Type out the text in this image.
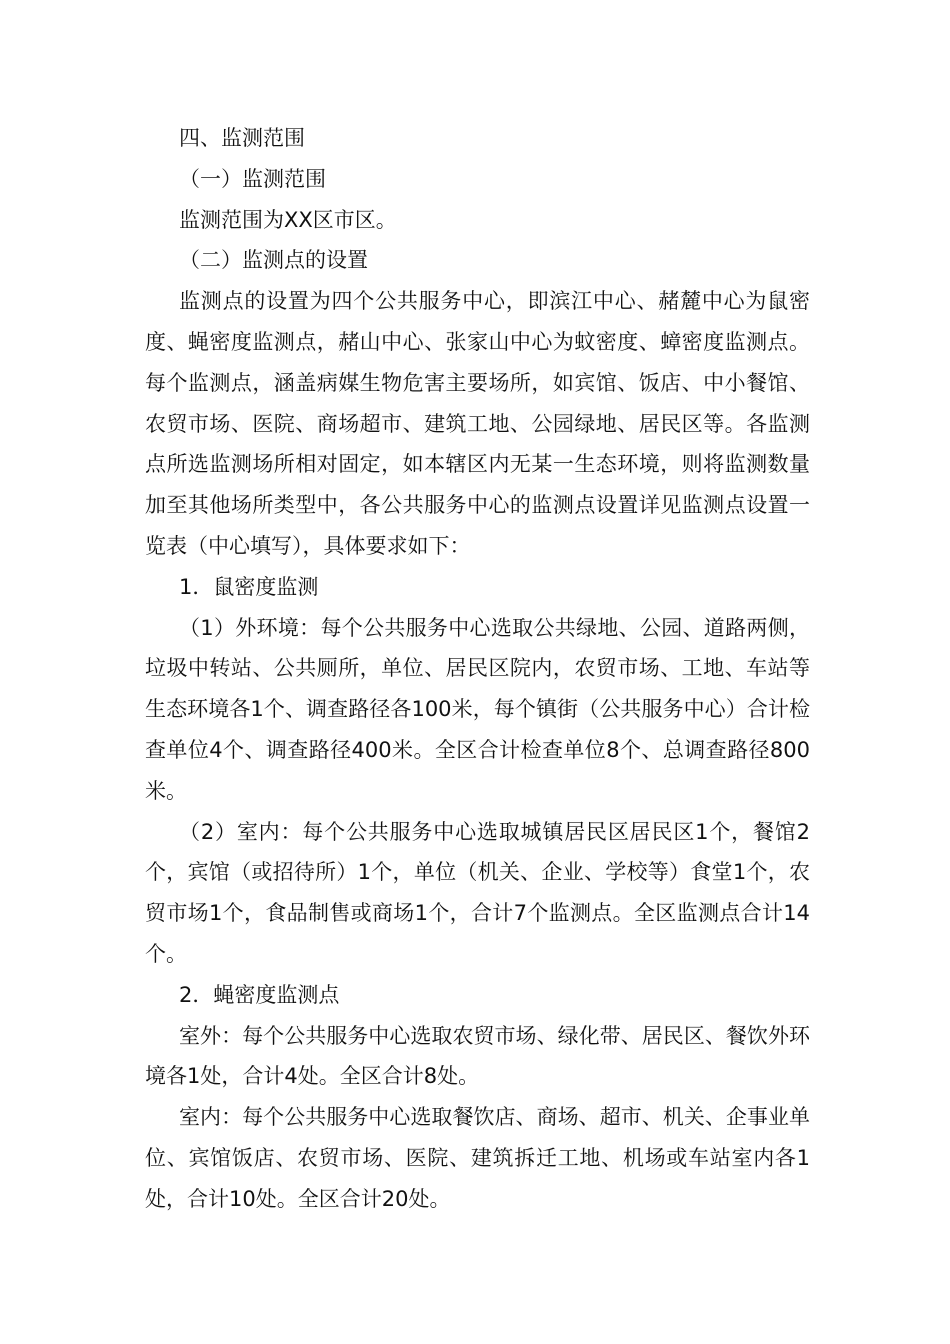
四、监测范围

（一）监测范围

监测范围为XX区市区。

（二）监测点的设置

监测点的设置为四个公共服务中心，即滨江中心、赭麓中心为鼠密度、蝇密度监测点，赭山中心、张家山中心为蚊密度、蟑密度监测点。每个监测点，涵盖病媒生物危害主要场所，如宾馆、饭店、中小餐馆、农贸市场、医院、商场超市、建筑工地、公园绿地、居民区等。各监测点所选监测场所相对固定，如本辖区内无某一生态环境，则将监测数量加至其他场所类型中，各公共服务中心的监测点设置详见监测点设置一览表（中心填写），具体要求如下：

1．鼠密度监测

（1）外环境：每个公共服务中心选取公共绿地、公园、道路两侧，垃圾中转站、公共厕所，单位、居民区院内，农贸市场、工地、车站等生态环境各1个、调查路径各100米，每个镇街（公共服务中心）合计检查单位4个、调查路径400米。全区合计检查单位8个、总调查路径800米。

（2）室内：每个公共服务中心选取城镇居民区居民区1个，餐馆2个，宾馆（或招待所）1个，单位（机关、企业、学校等）食堂1个，农贸市场1个，食品制售或商场1个，合计7个监测点。全区监测点合计14个。

2．蝇密度监测点

室外：每个公共服务中心选取农贸市场、绿化带、居民区、餐饮外环境各1处，合计4处。全区合计8处。

室内：每个公共服务中心选取餐饮店、商场、超市、机关、企事业单位、宾馆饭店、农贸市场、医院、建筑拆迁工地、机场或车站室内各1处，合计10处。全区合计20处。
